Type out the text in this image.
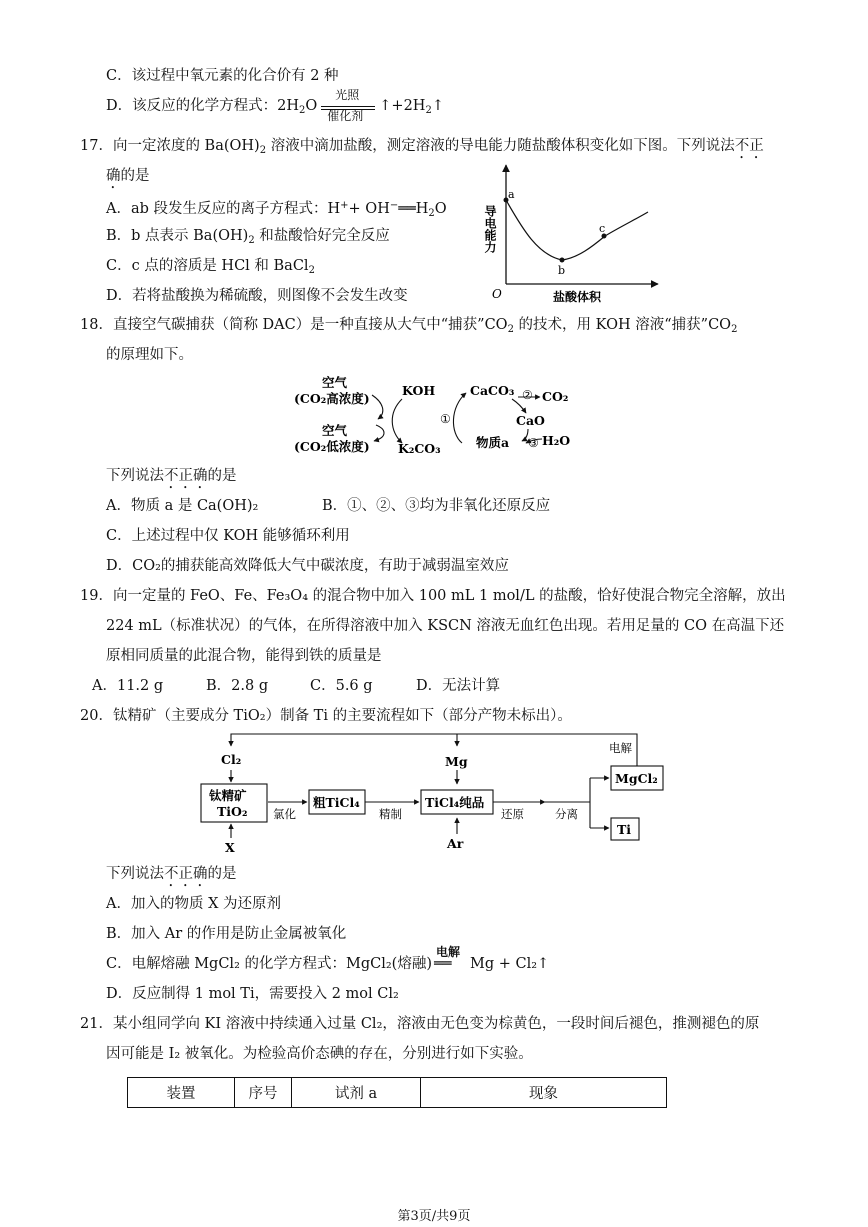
C．该过程中氧元素的化合价有 2 种
D．该反应的化学方程式：$2H_2O$
光照
催化剂
$↑+2H_2↑$
17．向一定浓度的 $Ba(OH)_2$ 溶液中滴加盐酸，测定溶液的导电能力随盐酸体积变化如下图。下列说法不正
确的是
A．ab 段发生反应的离子方程式：$H^++ OH^-══H_2O$
B．b 点表示 $Ba(OH)_2$ 和盐酸恰好完全反应
C．c 点的溶质是 HCl 和 BaCl$_2$
D．若将盐酸换为稀硫酸，则图像不会发生改变
a
b
c
O	盐酸体积
导电能力
18．直接空气碳捕获（简称 DAC）是一种直接从大气中“捕获$”CO_2$ 的技术，用 KOH 溶液“捕获$”CO_2$
的原理如下。
空气
(CO₂高浓度)
空气
(CO₂低浓度)
KOH
K₂CO₃
CaCO₃ CO₂
CaO
物质a	H₂O
①
②
③
下列说法不正确的是
A．物质 a 是 Ca(OH)₂	B．①、②、③均为非氧化还原反应
C．上述过程中仅 KOH 能够循环利用
D．CO₂的捕获能高效降低大气中碳浓度，有助于减弱温室效应
19．向一定量的 FeO、Fe、Fe₃O₄ 的混合物中加入 100 mL 1 mol/L 的盐酸，恰好使混合物完全溶解，放出
224 mL（标准状况）的气体，在所得溶液中加入 KSCN 溶液无血红色出现。若用足量的 CO 在高温下还
原相同质量的此混合物，能得到铁的质量是
A．11.2 g	B．2.8 g	C．5.6 g	D．无法计算
20．钛精矿（主要成分 TiO₂）制备 Ti 的主要流程如下（部分产物未标出）。
Cl₂
钛精矿
TiO₂
X
粗TiCl₄	TiCl₄纯品
Mg
Ar
MgCl₂
Ti
氯化	精制	还原	分离
电解
下列说法不正确的是
A．加入的物质 X 为还原剂
B．加入 Ar 的作用是防止金属被氧化
C．电解熔融 MgCl₂ 的化学方程式：MgCl₂(熔融)
电解
══ Mg + Cl₂↑
D．反应制得 1 mol Ti，需要投入 2 mol Cl₂
21．某小组同学向 KI 溶液中持续通入过量 Cl₂，溶液由无色变为棕黄色，一段时间后褪色，推测褪色的原
因可能是 I₂ 被氧化。为检验高价态碘的存在，分别进行如下实验。
装置	序号	试剂 a	现象
第3页/共9页
